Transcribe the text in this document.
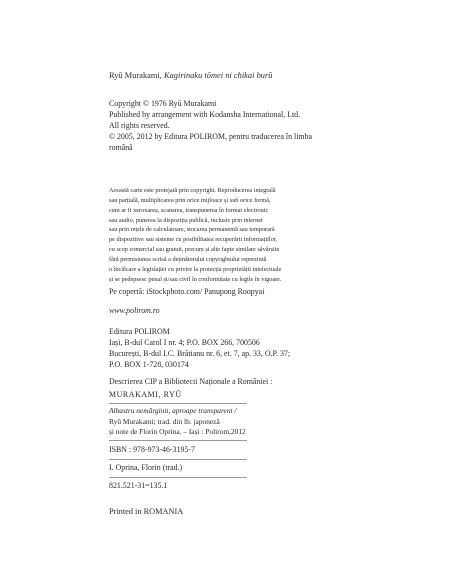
Ryū Murakami, Kagirinaku tōmei ni chikai burū
Copyright © 1976 Ryū Murakami
Published by arrangement with Kodansha International, Ltd.
All rights reserved.
© 2005, 2012 by Editura POLIROM, pentru traducerea în limba
română
Această carte este protejată prin copyright. Reproducerea integrală
sau parțială, multiplicarea prin orice mijloace și sub orice formă,
cum ar fi xeroxarea, scanarea, transpunerea în format electronic
sau audio, punerea la dispoziția publică, inclusiv prin internet
sau prin rețele de calculatoare, stocarea permanentă sau temporară
pe dispozitive sau sisteme cu posibilitatea recuperării informațiilor,
cu scop comercial sau gratuit, precum și alte fapte similare săvârșite
fără permisiunea scrisă a deținătorului copyrightului reprezintă
o încălcare a legislației cu privire la protecția proprietății intelectuale
și se pedepsesc penal și/sau civil în conformitate cu legile în vigoare.
Pe copertă: iStockphoto.com/ Panupong Roopyai
www.polirom.ro
Editura POLIROM
Iași, B-dul Carol I nr. 4; P.O. BOX 266, 700506
București, B-dul I.C. Brătianu nr. 6, et. 7, ap. 33, O.P. 37;
P.O. BOX 1-728, 030174
Descrierea CIP a Bibliotecii Naționale a României :
MURAKAMI, RYŪ
Albastru nemărginit, aproape transparent /
Ryū Murakami; trad. din lb. japoneză
și note de Florin Oprina. – Iași : Polirom,2012
ISBN : 978-973-46-3195-7
I. Oprina, Florin (trad.)
821.521-31=135.1
Printed in ROMANIA
